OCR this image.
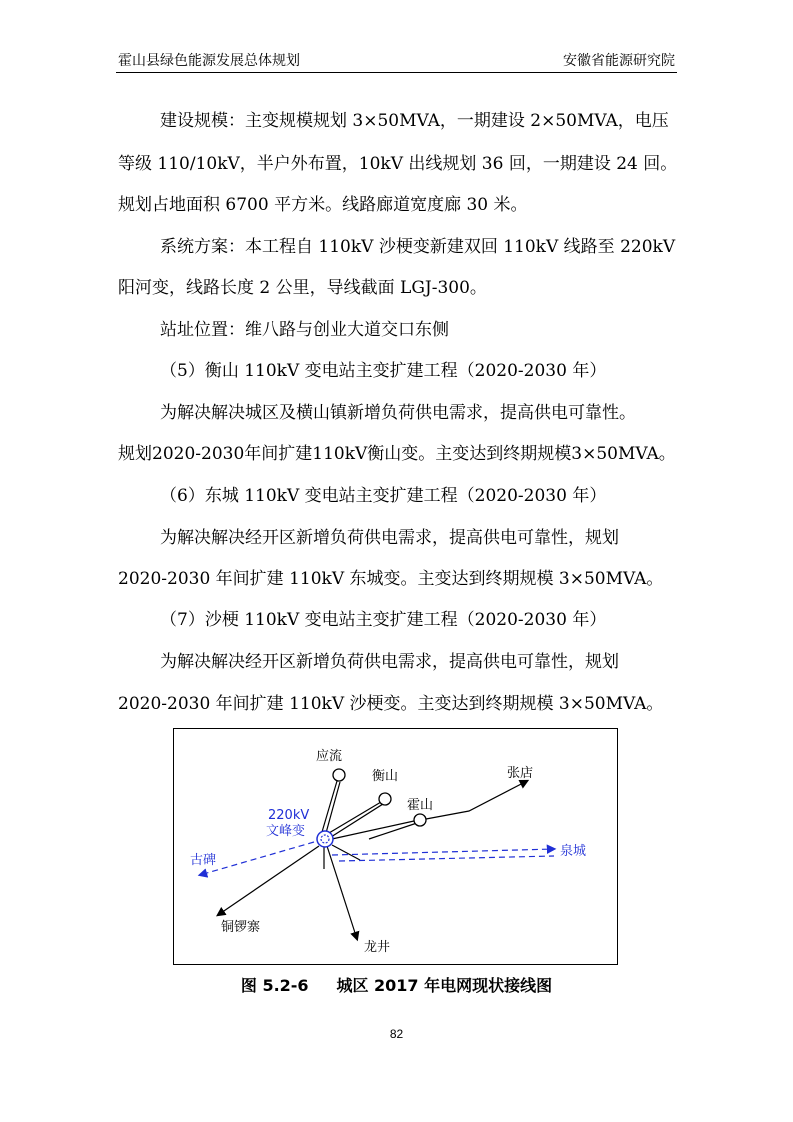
霍山县绿色能源发展总体规划	安徽省能源研究院
建设规模：主变规模规划 3×50MVA，一期建设 2×50MVA，电压
等级 110/10kV，半户外布置，10kV 出线规划 36 回，一期建设 24 回。
规划占地面积 6700 平方米。线路廊道宽度廊 30 米。
系统方案：本工程自 110kV 沙梗变新建双回 110kV 线路至 220kV
阳河变，线路长度 2 公里，导线截面 LGJ-300。
站址位置：维八路与创业大道交口东侧
（5）衡山 110kV 变电站主变扩建工程（2020-2030 年）
为解决解决城区及横山镇新增负荷供电需求，提高供电可靠性。
规划2020-2030年间扩建110kV衡山变。主变达到终期规模3×50MVA。
（6）东城 110kV 变电站主变扩建工程（2020-2030 年）
为解决解决经开区新增负荷供电需求，提高供电可靠性，规划
2020-2030 年间扩建 110kV 东城变。主变达到终期规模 3×50MVA。
（7）沙梗 110kV 变电站主变扩建工程（2020-2030 年）
为解决解决经开区新增负荷供电需求，提高供电可靠性，规划
2020-2030 年间扩建 110kV 沙梗变。主变达到终期规模 3×50MVA。
应流
衡山	张店
霍山
220kV
文峰变
古碑
泉城
铜锣寨
龙井
图 5.2-6 城区 2017 年电网现状接线图
82
